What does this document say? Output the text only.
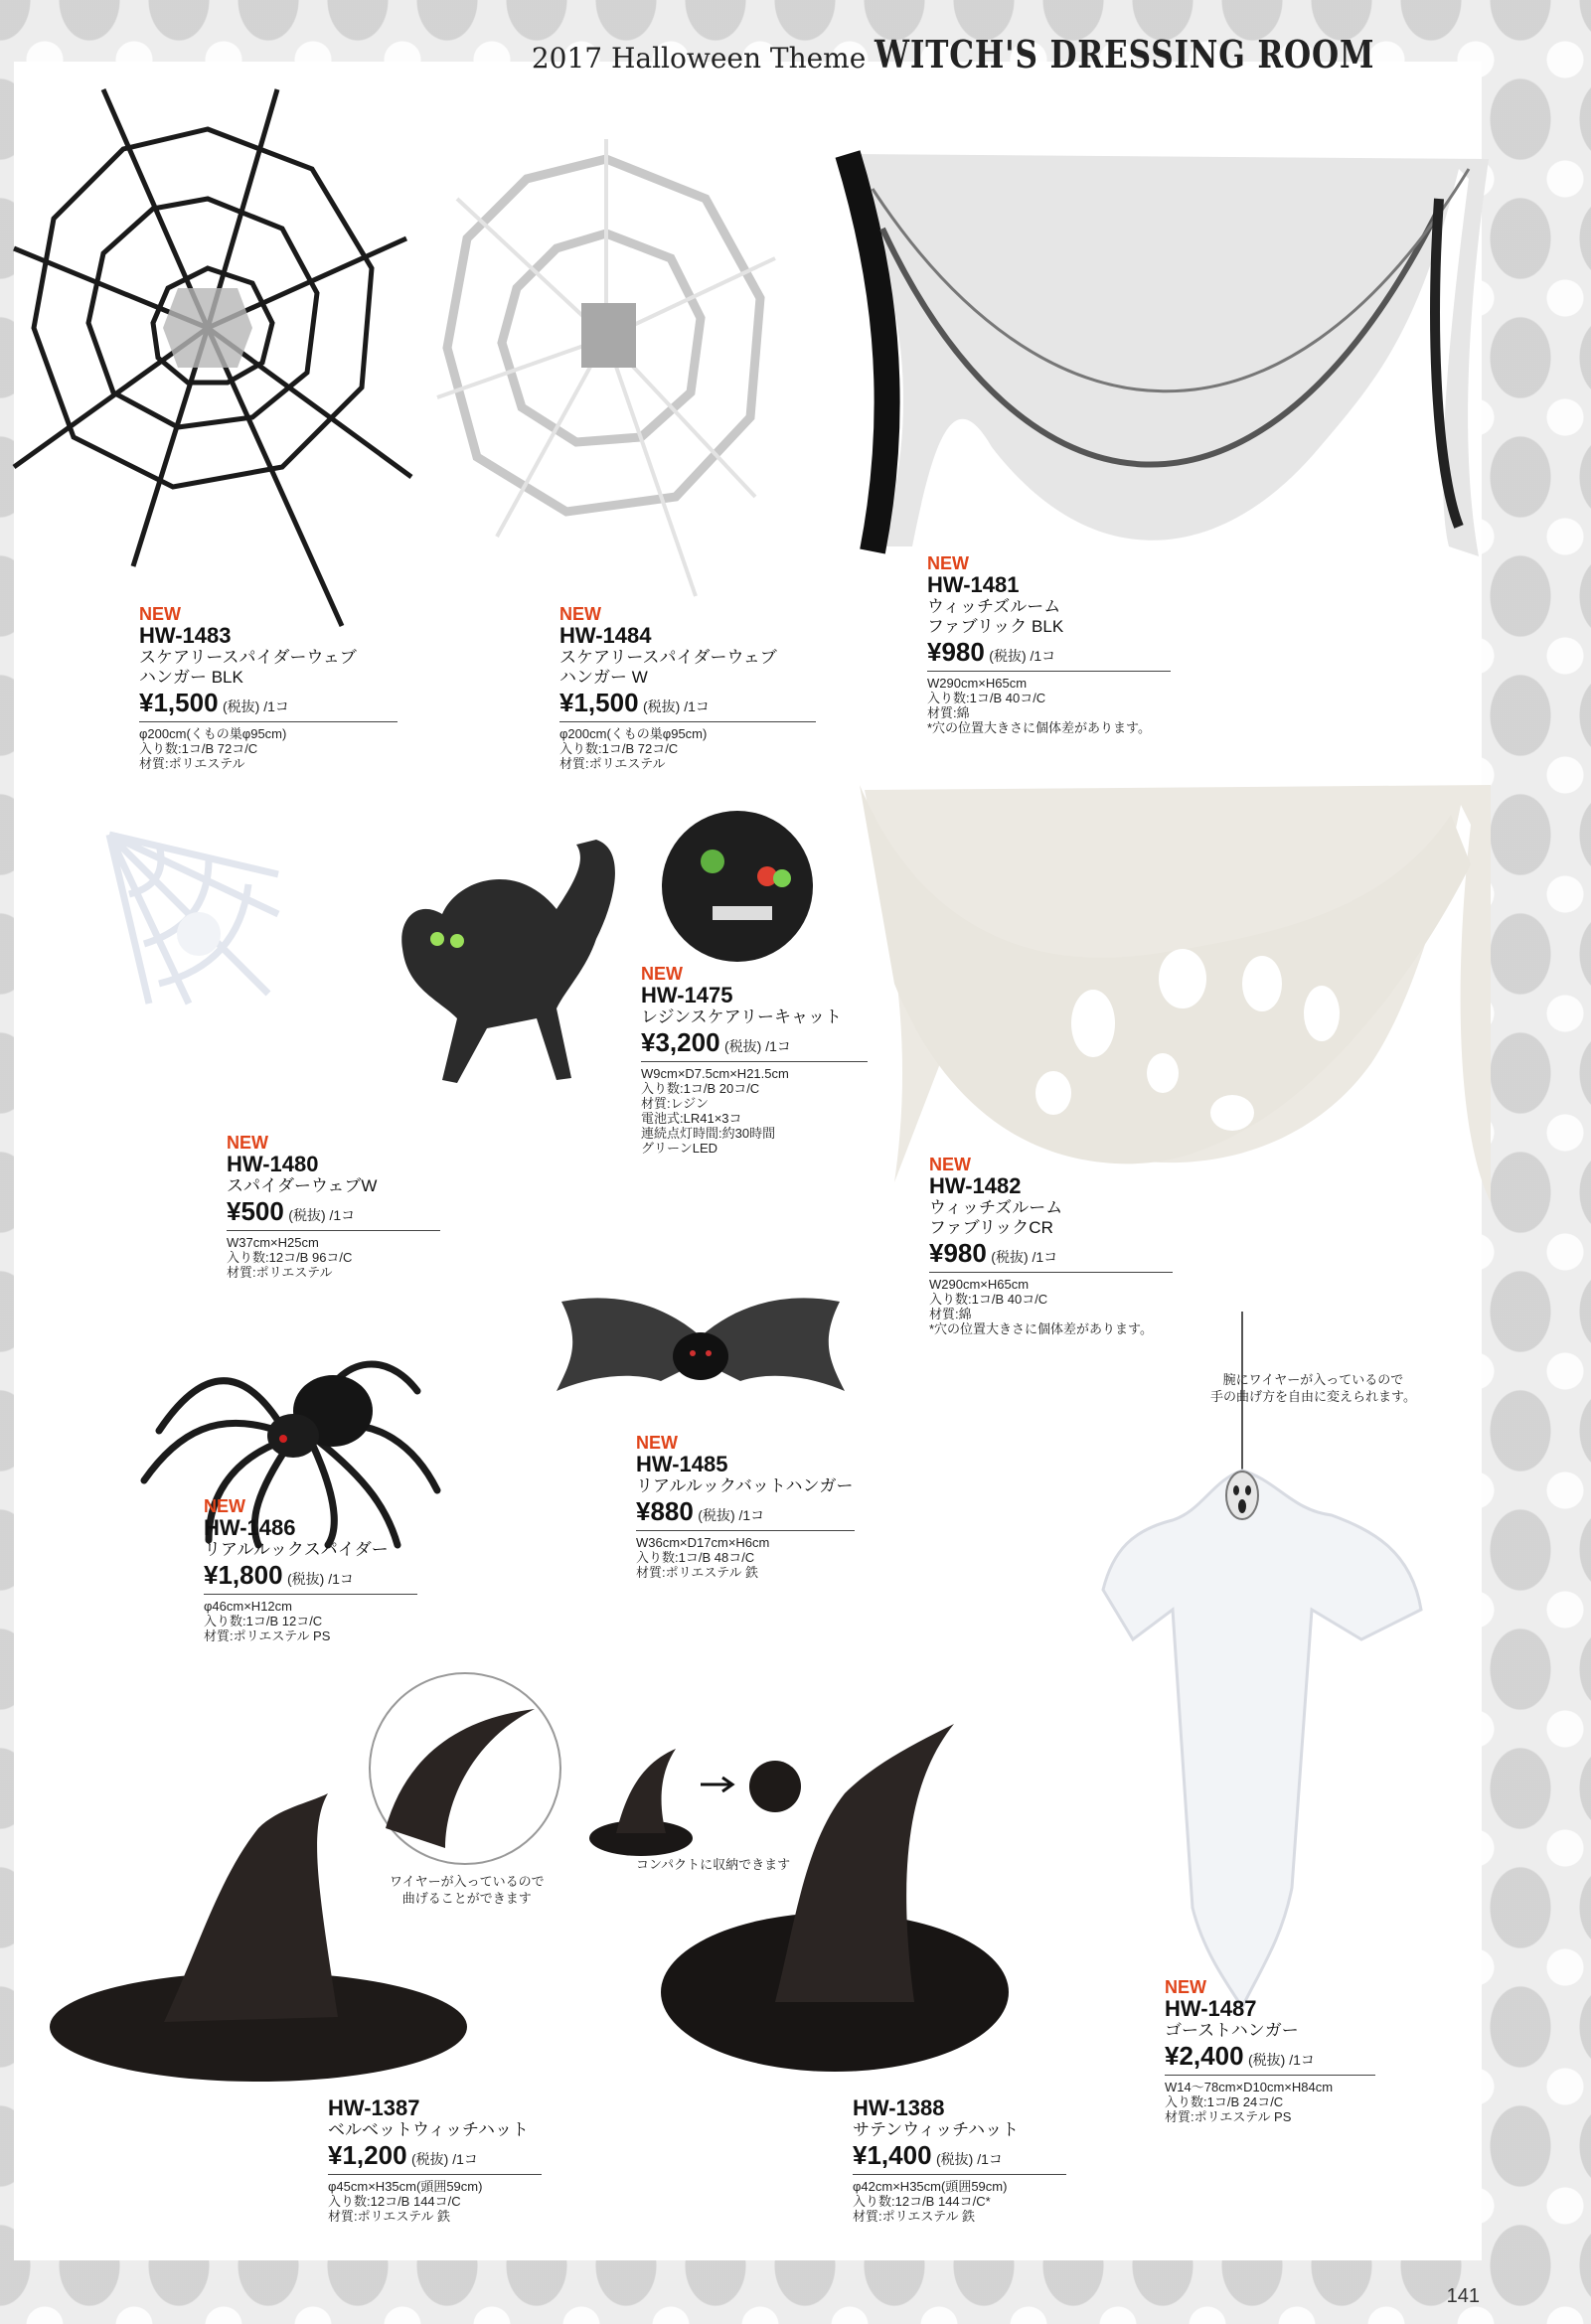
2017 Halloween Theme WITCH'S DRESSING ROOM
NEW
HW-1483
スケアリースパイダーウェブ
ハンガー BLK
¥1,500 (税抜) /1コ
φ200cm(くもの巣φ95cm)
入り数:1コ/B 72コ/C
材質:ポリエステル
NEW
HW-1484
スケアリースパイダーウェブ
ハンガー W
¥1,500 (税抜) /1コ
φ200cm(くもの巣φ95cm)
入り数:1コ/B 72コ/C
材質:ポリエステル
NEW
HW-1481
ウィッチズルーム
ファブリック BLK
¥980 (税抜) /1コ
W290cm×H65cm
入り数:1コ/B 40コ/C
材質:綿
*穴の位置大きさに個体差があります。
NEW
HW-1480
スパイダーウェブW
¥500 (税抜) /1コ
W37cm×H25cm
入り数:12コ/B 96コ/C
材質:ポリエステル
NEW
HW-1475
レジンスケアリーキャット
¥3,200 (税抜) /1コ
W9cm×D7.5cm×H21.5cm
入り数:1コ/B 20コ/C
材質:レジン
電池式:LR41×3コ
連続点灯時間:約30時間
グリーンLED
NEW
HW-1482
ウィッチズルーム
ファブリックCR
¥980 (税抜) /1コ
W290cm×H65cm
入り数:1コ/B 40コ/C
材質:綿
*穴の位置大きさに個体差があります。
NEW
HW-1486
リアルルックスパイダー
¥1,800 (税抜) /1コ
φ46cm×H12cm
入り数:1コ/B 12コ/C
材質:ポリエステル PS
NEW
HW-1485
リアルルックバットハンガー
¥880 (税抜) /1コ
W36cm×D17cm×H6cm
入り数:1コ/B 48コ/C
材質:ポリエステル 鉄
腕にワイヤーが入っているので
手の曲げ方を自由に変えられます。
NEW
HW-1487
ゴーストハンガー
¥2,400 (税抜) /1コ
W14～78cm×D10cm×H84cm
入り数:1コ/B 24コ/C
材質:ポリエステル PS
ワイヤーが入っているので
曲げることができます
コンパクトに収納できます
HW-1387
ベルベットウィッチハット
¥1,200 (税抜) /1コ
φ45cm×H35cm(頭囲59cm)
入り数:12コ/B 144コ/C
材質:ポリエステル 鉄
HW-1388
サテンウィッチハット
¥1,400 (税抜) /1コ
φ42cm×H35cm(頭囲59cm)
入り数:12コ/B 144コ/C*
材質:ポリエステル 鉄
141
